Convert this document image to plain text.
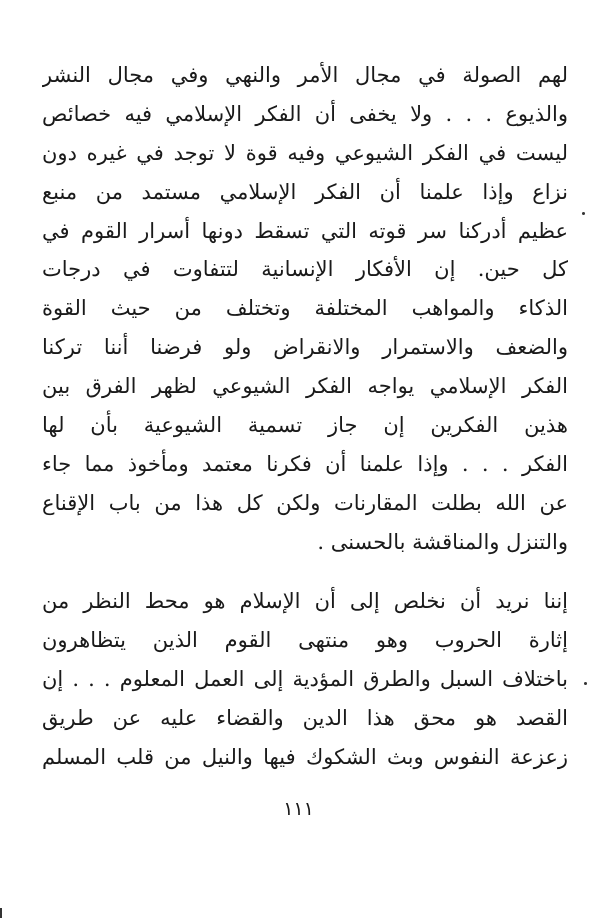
لهم الصولة في مجال الأمر والنهي وفي مجال النشر
والذيوع . . . ولا يخفى أن الفكر الإسلامي فيه خصائص
ليست في الفكر الشيوعي وفيه قوة لا توجد في غيره دون
نزاع وإذا علمنا أن الفكر الإسلامي مستمد من منبع
عظيم أدركنا سر قوته التي تسقط دونها أسرار القوم في
كل حين. إن الأفكار الإنسانية لتتفاوت في درجات
الذكاء والمواهب المختلفة وتختلف من حيث القوة
والضعف والاستمرار والانقراض ولو فرضنا أننا تركنا
الفكر الإسلامي يواجه الفكر الشيوعي لظهر الفرق بين
هذين الفكرين إن جاز تسمية الشيوعية بأن لها
الفكر . . . وإذا علمنا أن فكرنا معتمد ومأخوذ مما جاء
عن الله بطلت المقارنات ولكن كل هذا من باب الإقناع
والتنزل والمناقشة بالحسنى .
إننا نريد أن نخلص إلى أن الإسلام هو محط النظر من
إثارة الحروب وهو منتهى القوم الذين يتظاهرون
باختلاف السبل والطرق المؤدية إلى العمل المعلوم . . . إن
القصد هو محق هذا الدين والقضاء عليه عن طريق
زعزعة النفوس وبث الشكوك فيها والنيل من قلب المسلم
١١١
